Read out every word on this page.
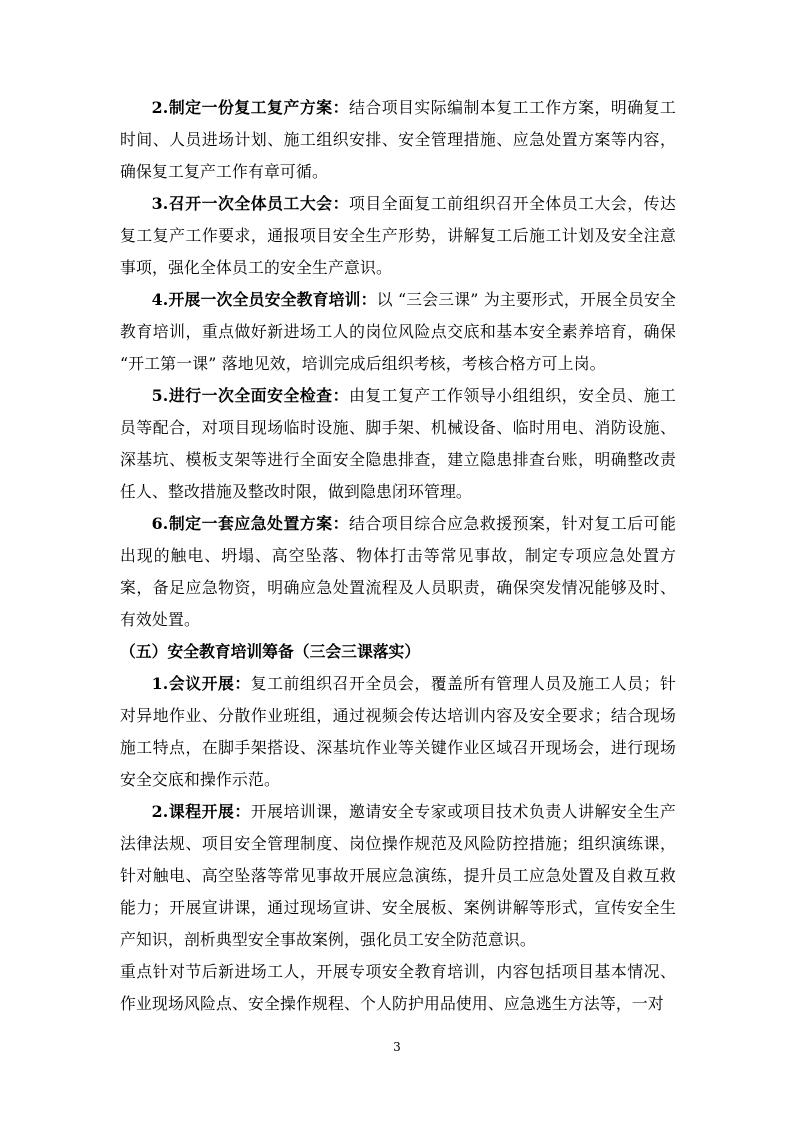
2.制定一份复工复产方案：结合项目实际编制本复工工作方案，明确复工时间、人员进场计划、施工组织安排、安全管理措施、应急处置方案等内容，确保复工复产工作有章可循。

3.召开一次全体员工大会：项目全面复工前组织召开全体员工大会，传达复工复产工作要求，通报项目安全生产形势，讲解复工后施工计划及安全注意事项，强化全体员工的安全生产意识。

4.开展一次全员安全教育培训：以 “三会三课” 为主要形式，开展全员安全教育培训，重点做好新进场工人的岗位风险点交底和基本安全素养培育，确保 “开工第一课” 落地见效，培训完成后组织考核，考核合格方可上岗。

5.进行一次全面安全检查：由复工复产工作领导小组组织，安全员、施工员等配合，对项目现场临时设施、脚手架、机械设备、临时用电、消防设施、深基坑、模板支架等进行全面安全隐患排查，建立隐患排查台账，明确整改责任人、整改措施及整改时限，做到隐患闭环管理。

6.制定一套应急处置方案：结合项目综合应急救援预案，针对复工后可能出现的触电、坍塌、高空坠落、物体打击等常见事故，制定专项应急处置方案，备足应急物资，明确应急处置流程及人员职责，确保突发情况能够及时、有效处置。

（五）安全教育培训筹备（三会三课落实）

1.会议开展：复工前组织召开全员会，覆盖所有管理人员及施工人员；针对异地作业、分散作业班组，通过视频会传达培训内容及安全要求；结合现场施工特点，在脚手架搭设、深基坑作业等关键作业区域召开现场会，进行现场安全交底和操作示范。

2.课程开展：开展培训课，邀请安全专家或项目技术负责人讲解安全生产法律法规、项目安全管理制度、岗位操作规范及风险防控措施；组织演练课，针对触电、高空坠落等常见事故开展应急演练，提升员工应急处置及自救互救能力；开展宣讲课，通过现场宣讲、安全展板、案例讲解等形式，宣传安全生产知识，剖析典型安全事故案例，强化员工安全防范意识。

重点针对节后新进场工人，开展专项安全教育培训，内容包括项目基本情况、作业现场风险点、安全操作规程、个人防护用品使用、应急逃生方法等，一对

3
